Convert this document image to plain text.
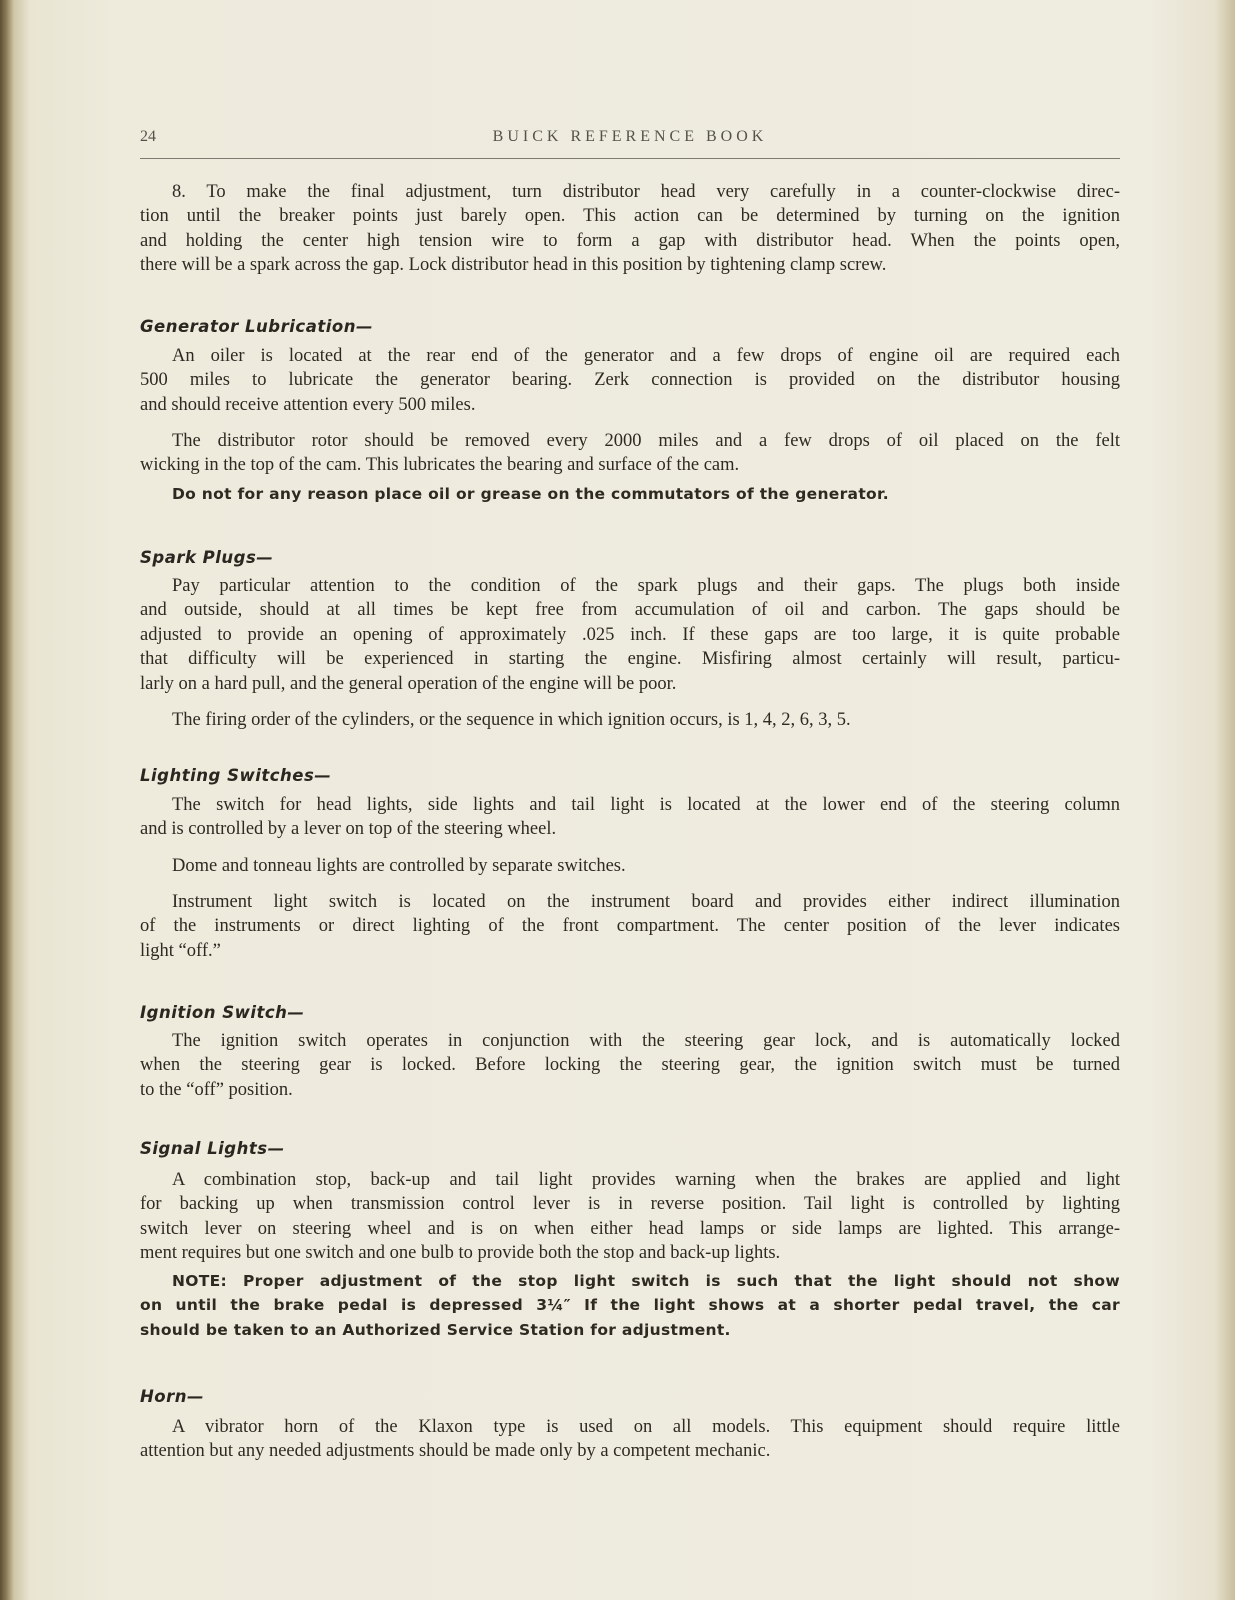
24	BUICK REFERENCE BOOK
8. To make the final adjustment, turn distributor head very carefully in a counter-clockwise direc-
tion until the breaker points just barely open. This action can be determined by turning on the ignition
and holding the center high tension wire to form a gap with distributor head. When the points open,
there will be a spark across the gap. Lock distributor head in this position by tightening clamp screw.
Generator Lubrication—
An oiler is located at the rear end of the generator and a few drops of engine oil are required each
500 miles to lubricate the generator bearing. Zerk connection is provided on the distributor housing
and should receive attention every 500 miles.
The distributor rotor should be removed every 2000 miles and a few drops of oil placed on the felt
wicking in the top of the cam. This lubricates the bearing and surface of the cam.
Do not for any reason place oil or grease on the commutators of the generator.
Spark Plugs—
Pay particular attention to the condition of the spark plugs and their gaps. The plugs both inside
and outside, should at all times be kept free from accumulation of oil and carbon. The gaps should be
adjusted to provide an opening of approximately .025 inch. If these gaps are too large, it is quite probable
that difficulty will be experienced in starting the engine. Misfiring almost certainly will result, particu-
larly on a hard pull, and the general operation of the engine will be poor.
The firing order of the cylinders, or the sequence in which ignition occurs, is 1, 4, 2, 6, 3, 5.
Lighting Switches—
The switch for head lights, side lights and tail light is located at the lower end of the steering column
and is controlled by a lever on top of the steering wheel.
Dome and tonneau lights are controlled by separate switches.
Instrument light switch is located on the instrument board and provides either indirect illumination
of the instruments or direct lighting of the front compartment. The center position of the lever indicates
light “off.”
Ignition Switch—
The ignition switch operates in conjunction with the steering gear lock, and is automatically locked
when the steering gear is locked. Before locking the steering gear, the ignition switch must be turned
to the “off” position.
Signal Lights—
A combination stop, back-up and tail light provides warning when the brakes are applied and light
for backing up when transmission control lever is in reverse position. Tail light is controlled by lighting
switch lever on steering wheel and is on when either head lamps or side lamps are lighted. This arrange-
ment requires but one switch and one bulb to provide both the stop and back-up lights.
NOTE: Proper adjustment of the stop light switch is such that the light should not show
on until the brake pedal is depressed 3¼″ If the light shows at a shorter pedal travel, the car
should be taken to an Authorized Service Station for adjustment.
Horn—
A vibrator horn of the Klaxon type is used on all models. This equipment should require little
attention but any needed adjustments should be made only by a competent mechanic.
